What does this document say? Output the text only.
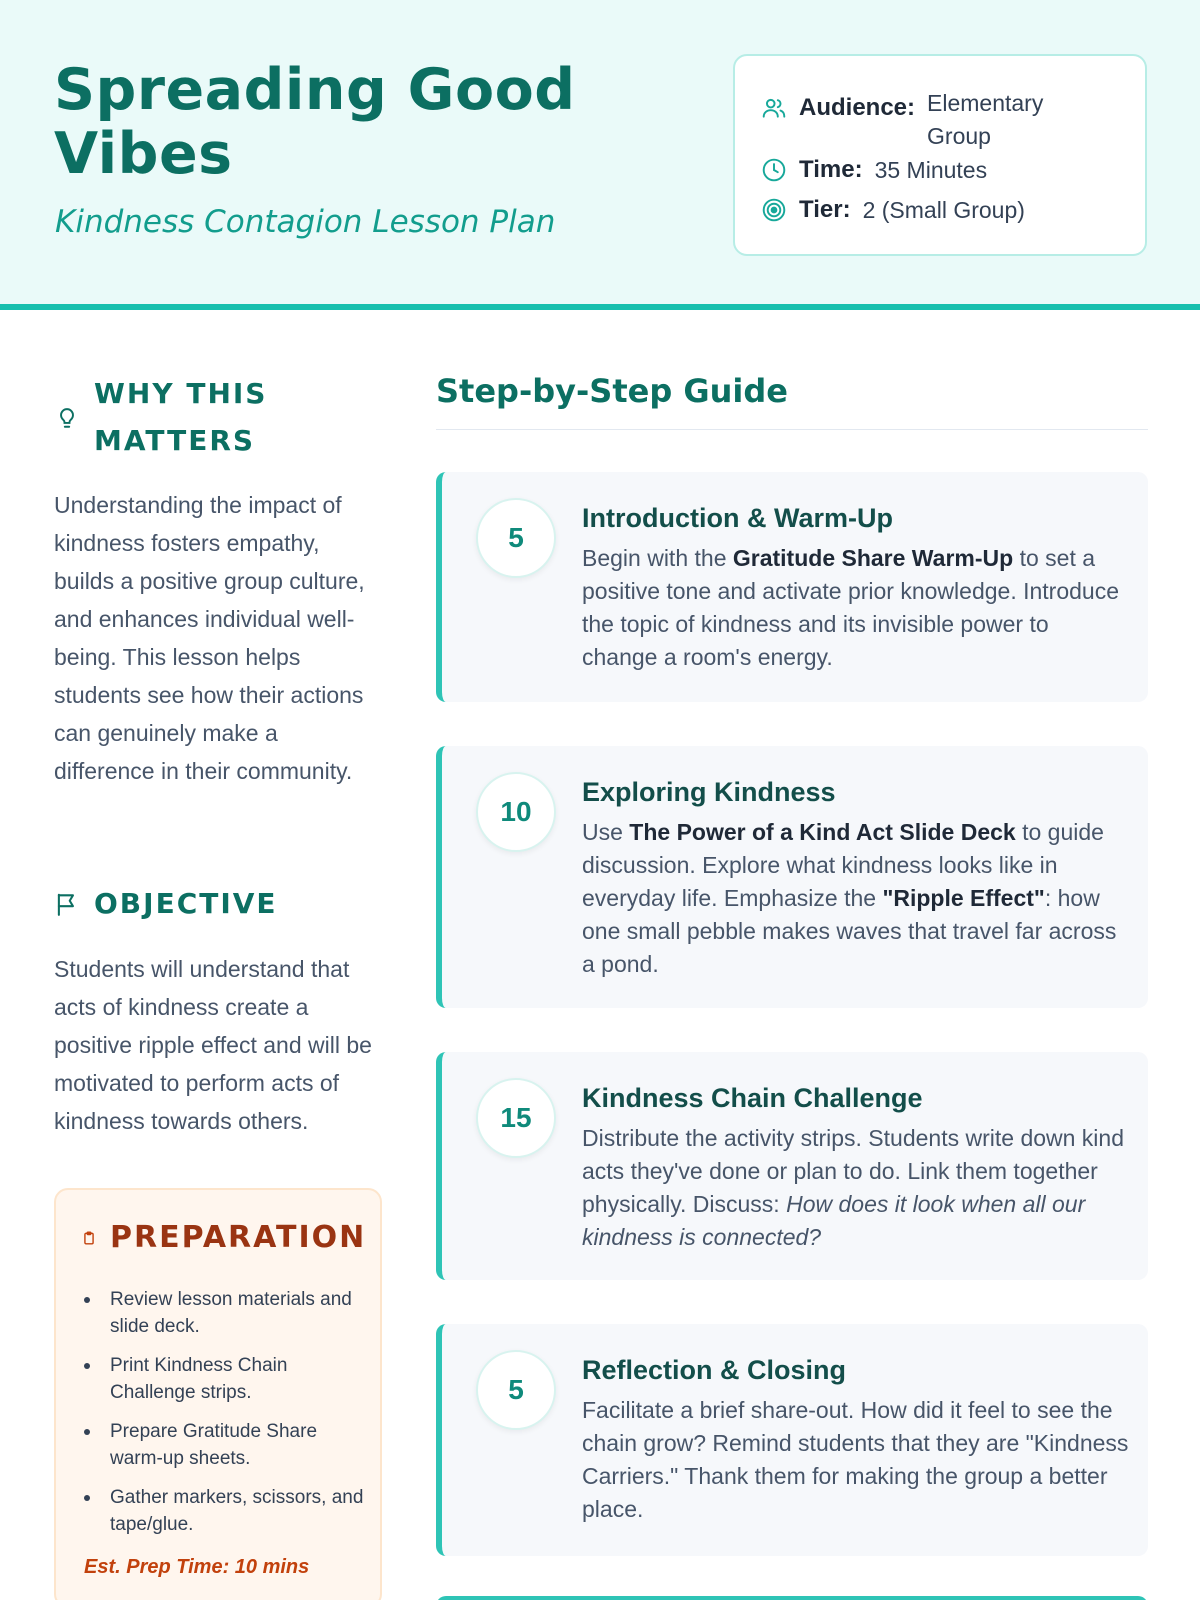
Spreading Good Vibes
Kindness Contagion Lesson Plan
Audience: Elementary Group
Time: 35 Minutes
Tier: 2 (Small Group)
WHY THIS MATTERS

Understanding the impact of kindness fosters empathy, builds a positive group culture, and enhances individual well-being. This lesson helps students see how their actions can genuinely make a difference in their community.

OBJECTIVE

Students will understand that acts of kindness create a positive ripple effect and will be motivated to perform acts of kindness towards others.

PREPARATION
Review lesson materials and slide deck.
Print Kindness Chain Challenge strips.
Prepare Gratitude Share warm-up sheets.
Gather markers, scissors, and tape/glue.
Est. Prep Time: 10 mins
Step-by-Step Guide
5
Introduction & Warm-Up

Begin with the Gratitude Share Warm-Up to set a positive tone and activate prior knowledge. Introduce the topic of kindness and its invisible power to change a room's energy.

10
Exploring Kindness

Use The Power of a Kind Act Slide Deck to guide discussion. Explore what kindness looks like in everyday life. Emphasize the "Ripple Effect": how one small pebble makes waves that travel far across a pond.

15
Kindness Chain Challenge

Distribute the activity strips. Students write down kind acts they've done or plan to do. Link them together physically. Discuss: How does it look when all our kindness is connected?

5
Reflection & Closing

Facilitate a brief share-out. How did it feel to see the chain grow? Remind students that they are "Kindness Carriers." Thank them for making the group a better place.
